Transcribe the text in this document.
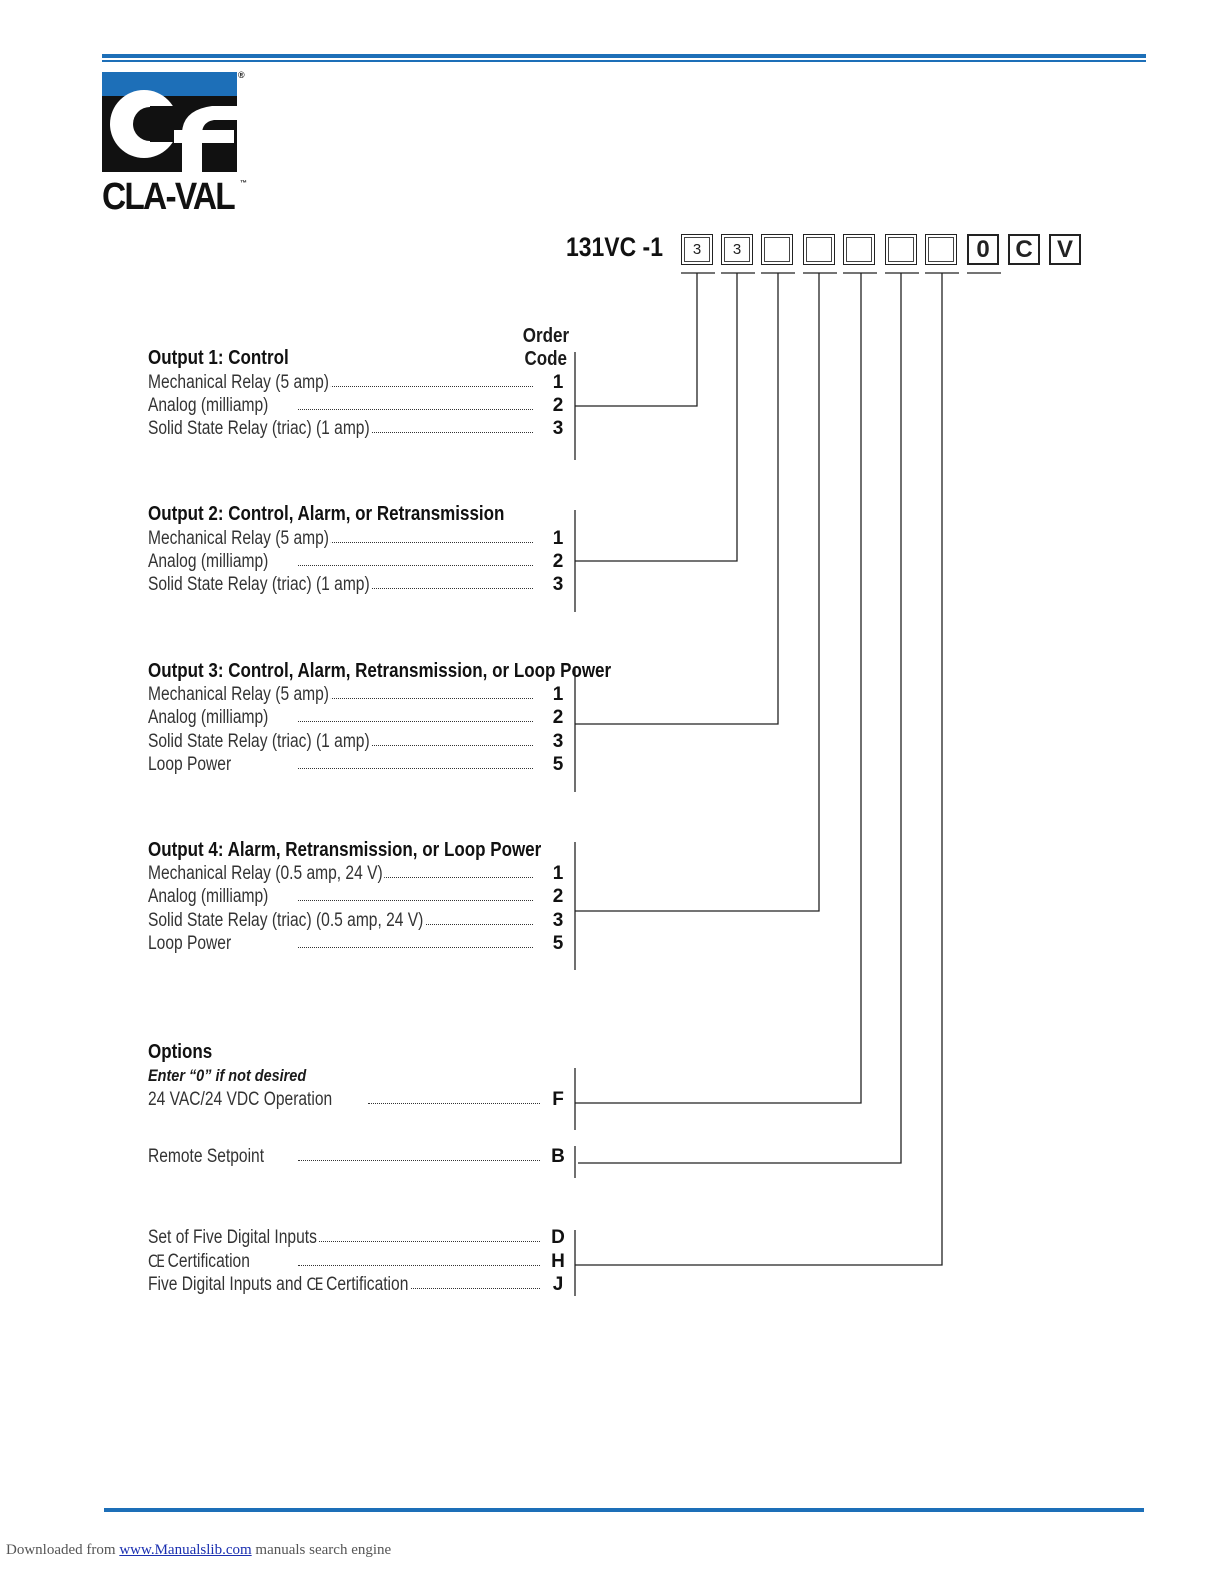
®
CLA-VAL ™
131VC -1	3	3	0	C	V
Order
Code
Output 1: Control
Mechanical Relay (5 amp)	1
Analog (milliamp)	2
Solid State Relay (triac) (1 amp)	3
Output 2: Control, Alarm, or Retransmission
Mechanical Relay (5 amp)	1
Analog (milliamp)	2
Solid State Relay (triac) (1 amp)	3
Output 3: Control, Alarm, Retransmission, or Loop Power
Mechanical Relay (5 amp)	1
Analog (milliamp)	2
Solid State Relay (triac) (1 amp)	3
Loop Power	5
Output 4: Alarm, Retransmission, or Loop Power
Mechanical Relay (0.5 amp, 24 V)	1
Analog (milliamp)	2
Solid State Relay (triac) (0.5 amp, 24 V)	3
Loop Power	5
Options
Enter “0” if not desired
24 VAC/24 VDC Operation	F
Remote Setpoint	B
Set of Five Digital Inputs	D
CE Certification	H
Five Digital Inputs and CE Certification	J
Downloaded from www.Manualslib.com manuals search engine
